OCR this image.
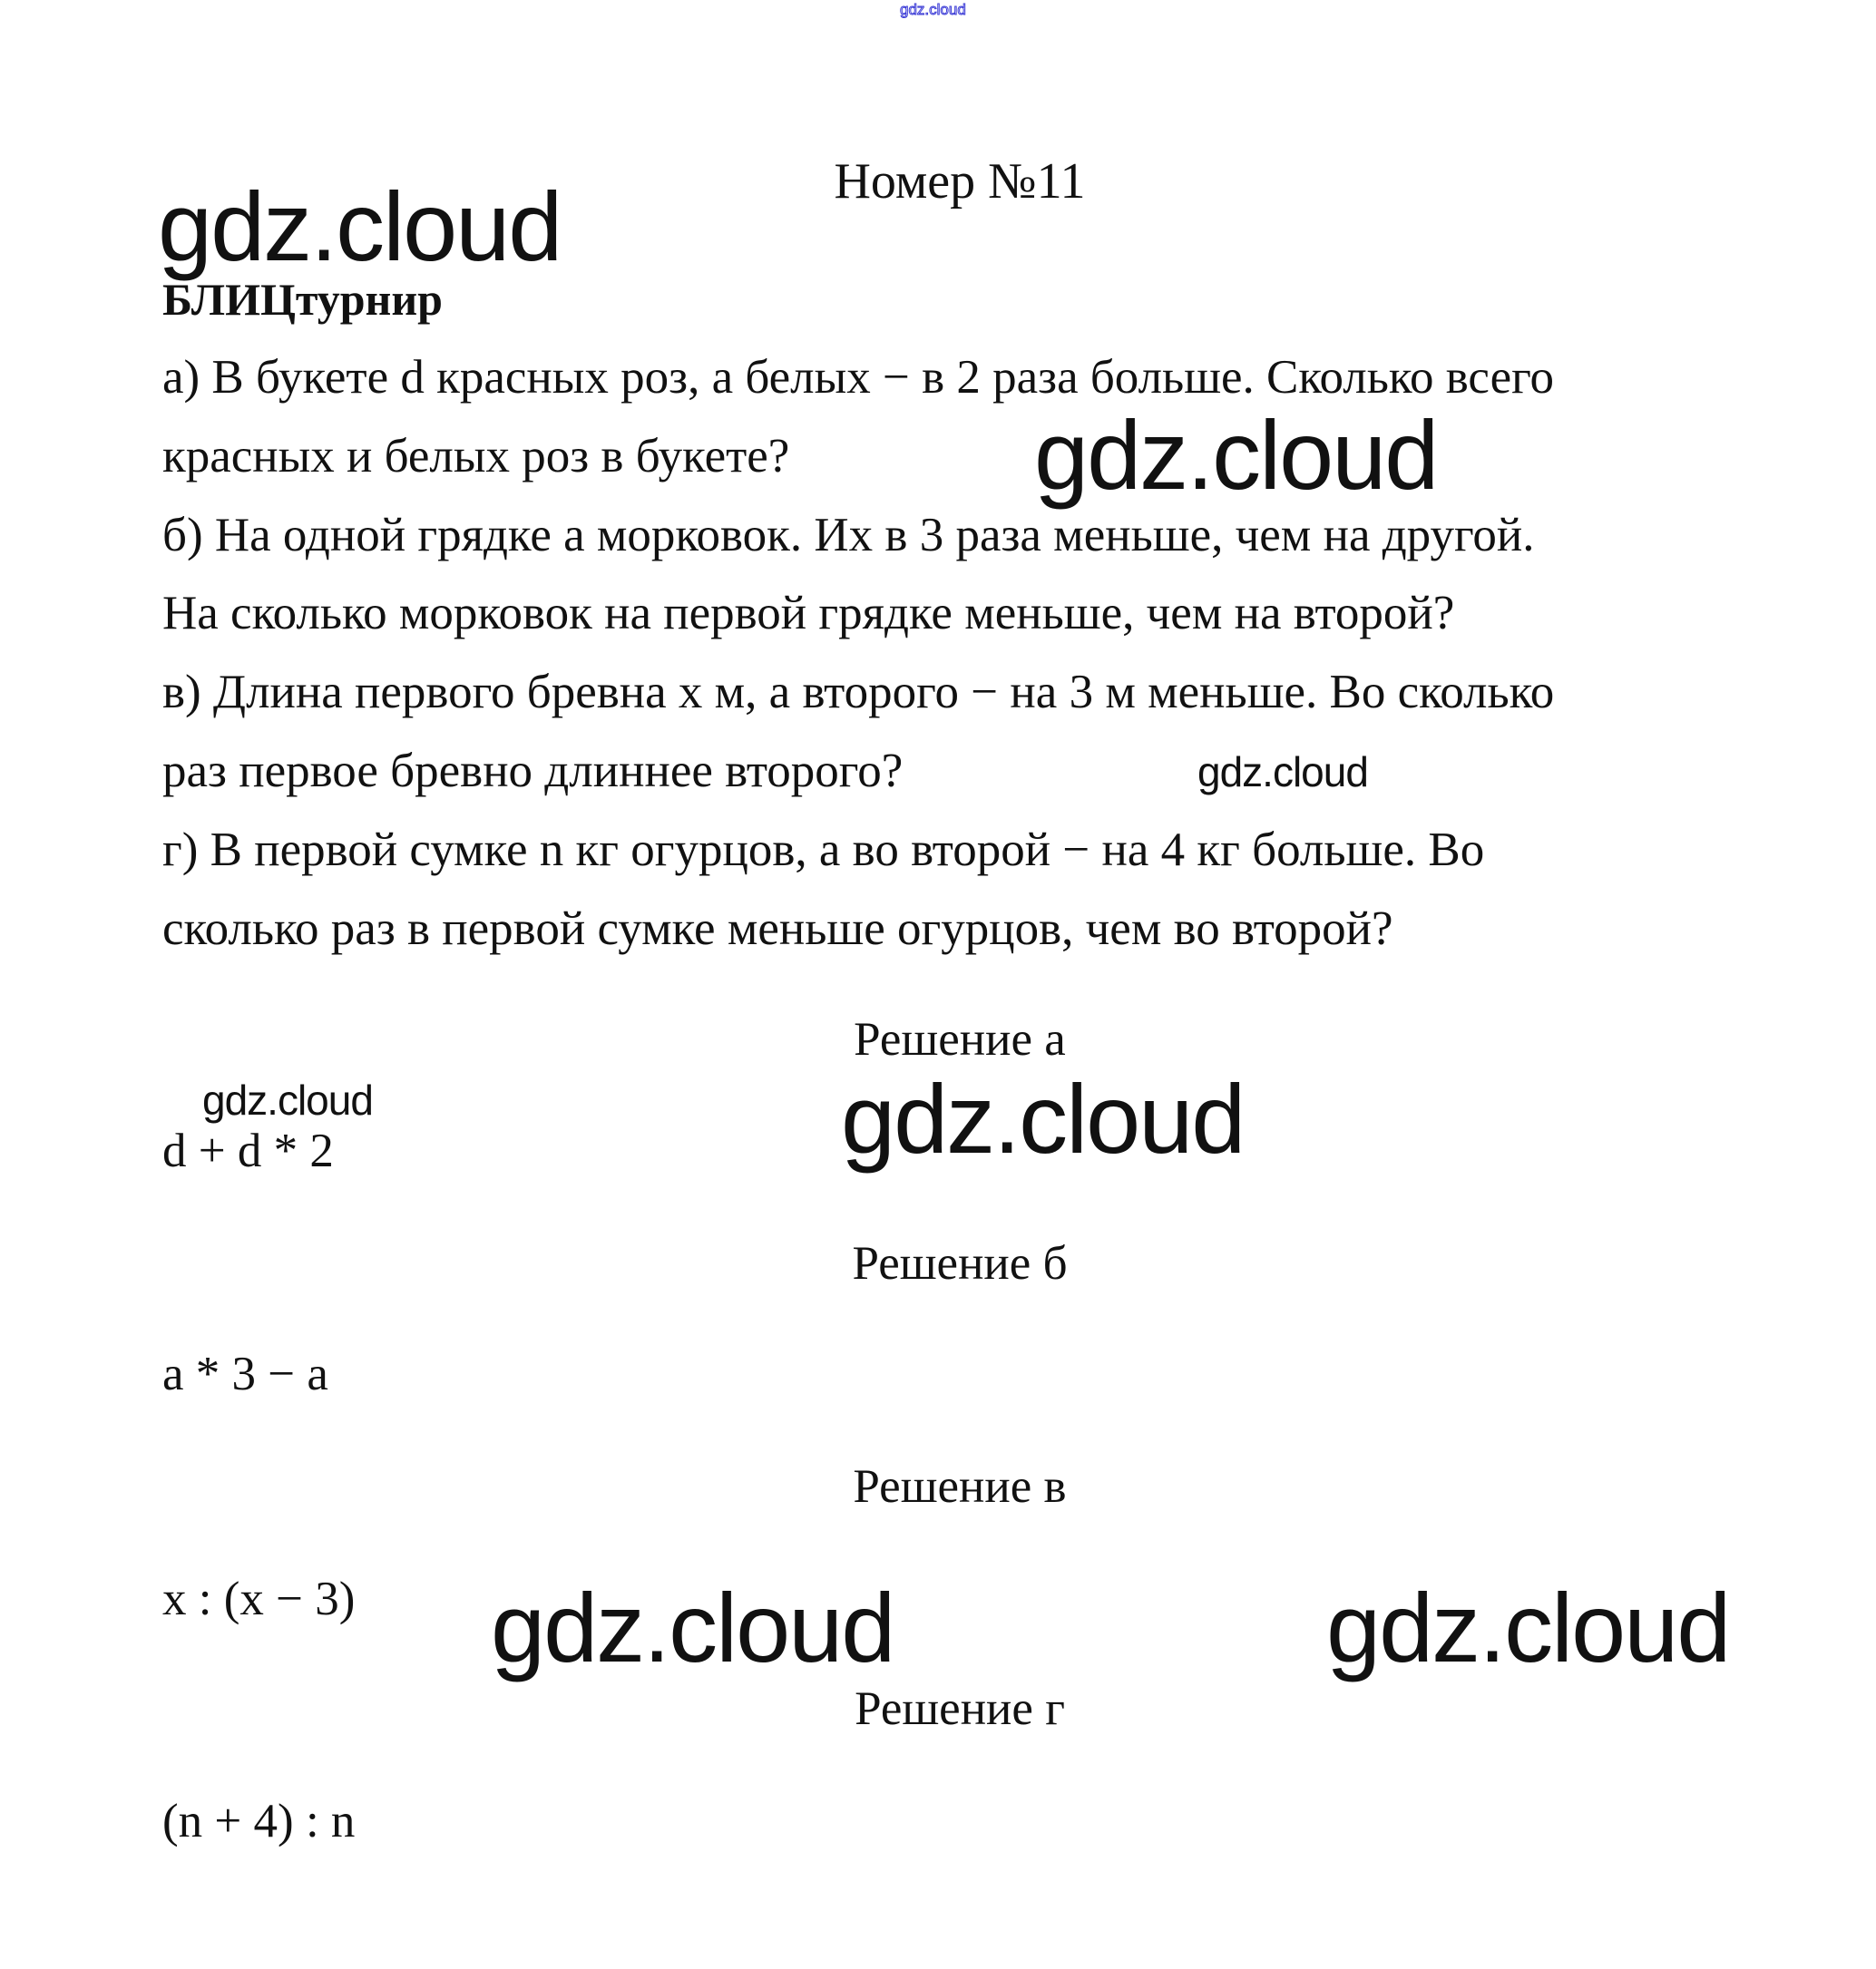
gdz.cloud
Номер №11
gdz.cloud
БЛИЦтурнир
а) В букете d красных роз, а белых − в 2 раза больше. Сколько всего
красных и белых роз в букете?
б) На одной грядке a морковок. Их в 3 раза меньше, чем на другой.
На сколько морковок на первой грядке меньше, чем на второй?
в) Длина первого бревна x м, а второго − на 3 м меньше. Во сколько
раз первое бревно длиннее второго?
г) В первой сумке n кг огурцов, а во второй − на 4 кг больше. Во
сколько раз в первой сумке меньше огурцов, чем во второй?
gdz.cloud
gdz.cloud
Решение а
gdz.cloud
gdz.cloud
d + d * 2
Решение б
a * 3 − a
Решение в
x : (x − 3) gdz.cloud	gdz.cloud
Решение г
(n + 4) : n
